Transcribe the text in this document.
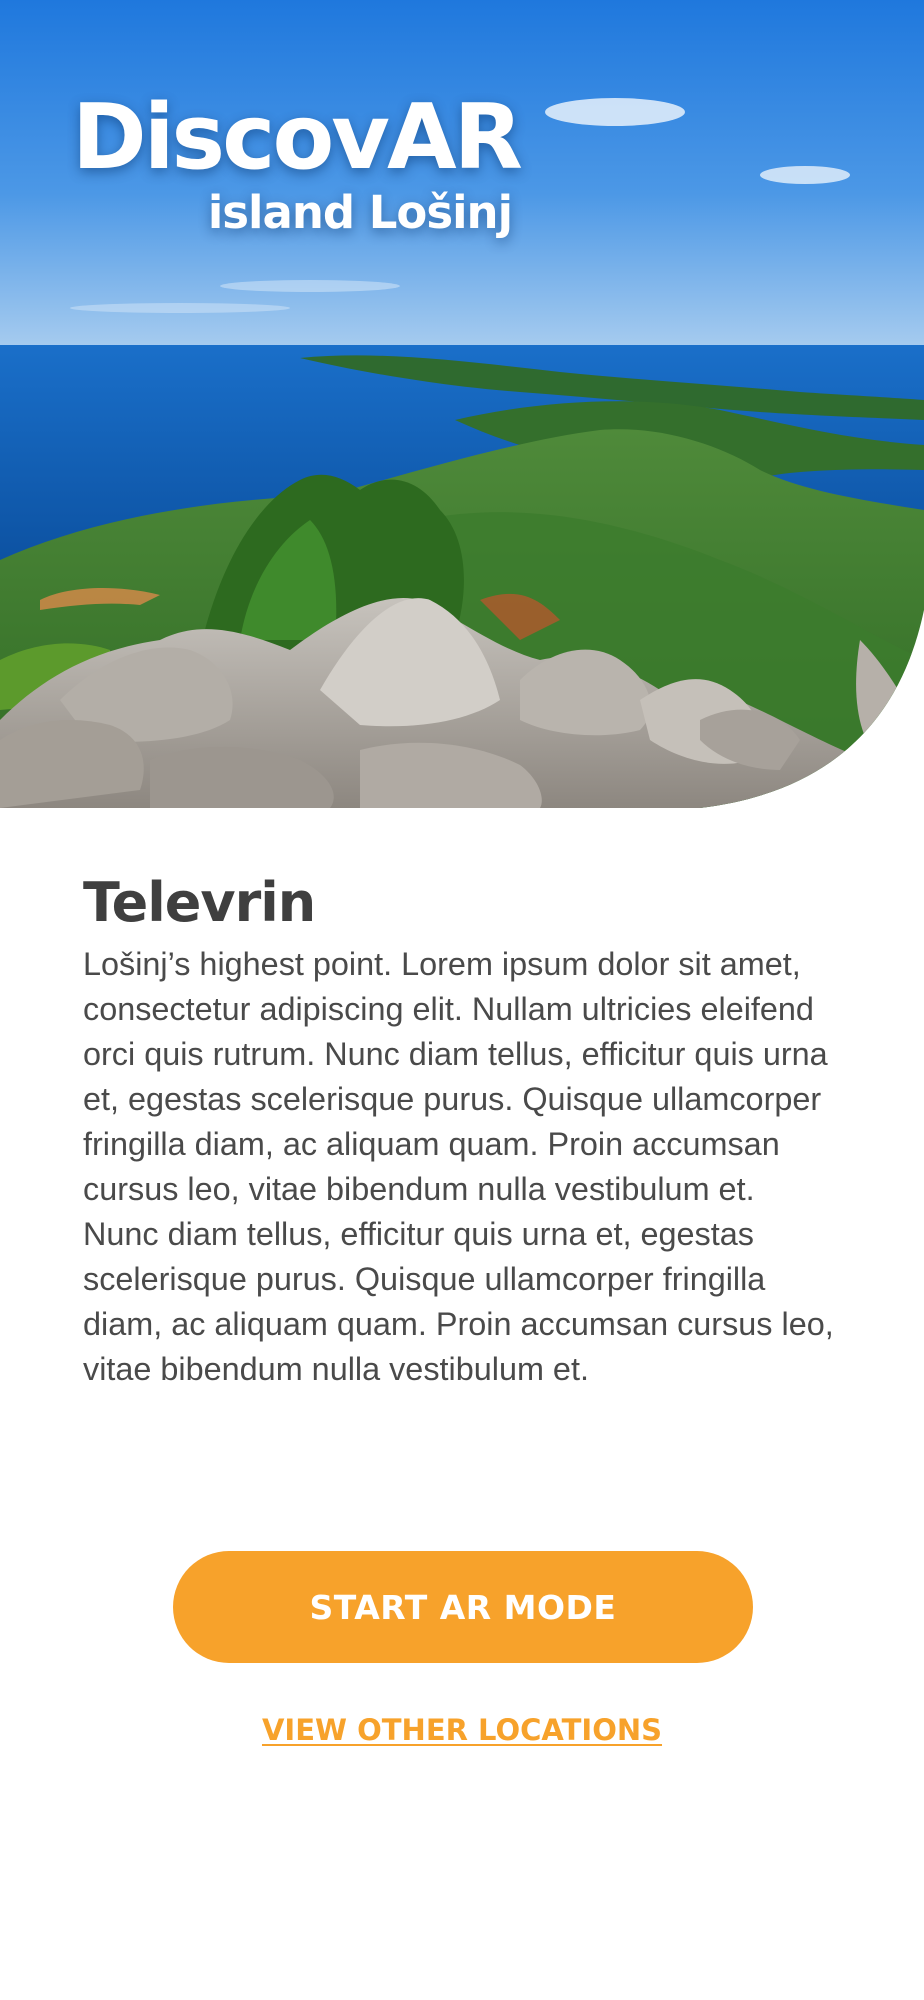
DiscovAR
island Lošinj
Televrin

Lošinj’s highest point. Lorem ipsum dolor sit amet, consectetur adipiscing elit. Nullam ultricies eleifend orci quis rutrum. Nunc diam tellus, efficitur quis urna et, egestas scelerisque purus. Quisque ullamcorper fringilla diam, ac aliquam quam. Proin accumsan cursus leo, vitae bibendum nulla vestibulum et.

Nunc diam tellus, efficitur quis urna et, egestas scelerisque purus. Quisque ullamcorper fringilla diam, ac aliquam quam. Proin accumsan cursus leo, vitae bibendum nulla vestibulum et.

START AR MODE
VIEW OTHER LOCATIONS
